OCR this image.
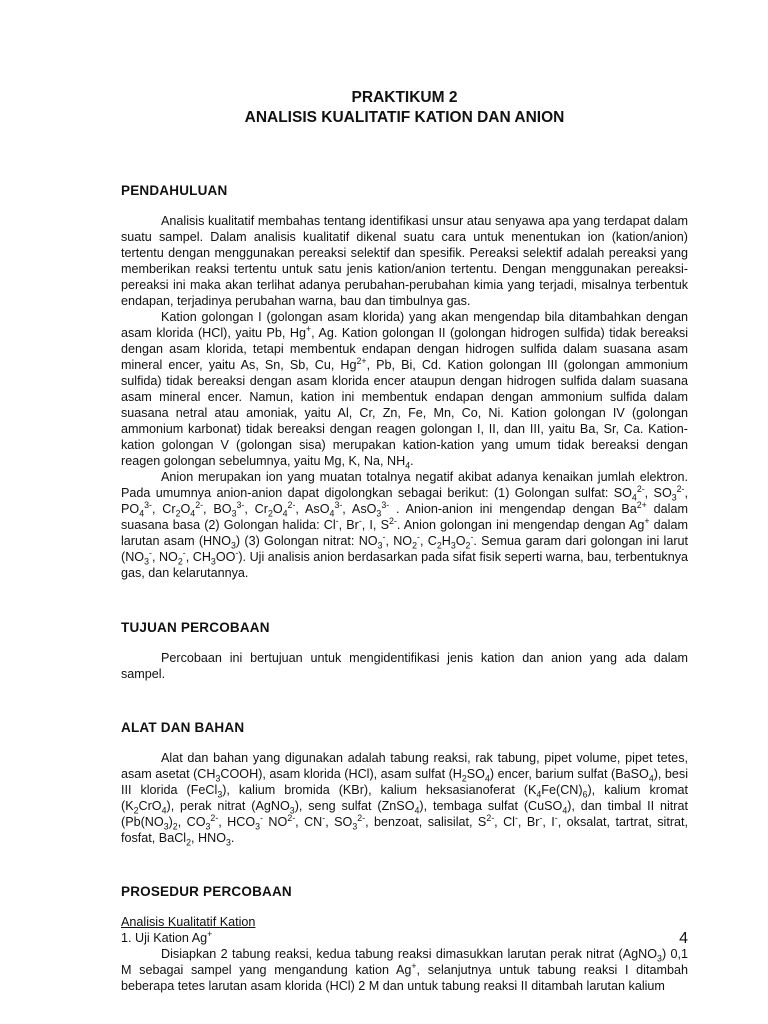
PRAKTIKUM 2

ANALISIS KUALITATIF KATION DAN ANION

PENDAHULUAN

Analisis kualitatif membahas tentang identifikasi unsur atau senyawa apa yang terdapat dalam suatu sampel. Dalam analisis kualitatif dikenal suatu cara untuk menentukan ion (kation/anion) tertentu dengan menggunakan pereaksi selektif dan spesifik. Pereaksi selektif adalah pereaksi yang memberikan reaksi tertentu untuk satu jenis kation/anion tertentu. Dengan menggunakan pereaksi-pereaksi ini maka akan terlihat adanya perubahan-perubahan kimia yang terjadi, misalnya terbentuk endapan, terjadinya perubahan warna, bau dan timbulnya gas.

Kation golongan I (golongan asam klorida) yang akan mengendap bila ditambahkan dengan asam klorida (HCl), yaitu Pb, Hg+, Ag. Kation golongan II (golongan hidrogen sulfida) tidak bereaksi dengan asam klorida, tetapi membentuk endapan dengan hidrogen sulfida dalam suasana asam mineral encer, yaitu As, Sn, Sb, Cu, $Hg^{2+}$, Pb, Bi, Cd. Kation golongan III (golongan ammonium sulfida) tidak bereaksi dengan asam klorida encer ataupun dengan hidrogen sulfida dalam suasana asam mineral encer. Namun, kation ini membentuk endapan dengan ammonium sulfida dalam suasana netral atau amoniak, yaitu Al, Cr, Zn, Fe, Mn, Co, Ni. Kation golongan IV (golongan ammonium karbonat) tidak bereaksi dengan reagen golongan I, II, dan III, yaitu Ba, Sr, Ca. Kation-kation golongan V (golongan sisa) merupakan kation-kation yang umum tidak bereaksi dengan reagen golongan sebelumnya, yaitu Mg, K, Na, $NH_4$.

Anion merupakan ion yang muatan totalnya negatif akibat adanya kenaikan jumlah elektron. Pada umumnya anion-anion dapat digolongkan sebagai berikut: (1) Golongan sulfat: $SO_4^{2-}$, $SO_3^{2-}$, $PO_4^{3-}$, $Cr_2O_4^{2-}$, $BO_3^{3-}$, $Cr_2O_4^{2-}$, AsO$_4^{3-}$, AsO$_3^{3-}$ . Anion-anion ini mengendap dengan $Ba^{2+}$ dalam suasana basa (2) Golongan halida: Cl-, Br-, I, $S^{2-}$. Anion golongan ini mengendap dengan Ag+ dalam larutan asam $(HNO_3)$ (3) Golongan nitrat: $NO_3^-$, $NO_2^-$, $C_2H_3O_2^-$. Semua garam dari golongan ini larut ($NO_3^-$, $NO_2^-$, $CH_3OO^-$). Uji analisis anion berdasarkan pada sifat fisik seperti warna, bau, terbentuknya gas, dan kelarutannya.

TUJUAN PERCOBAAN

Percobaan ini bertujuan untuk mengidentifikasi jenis kation dan anion yang ada dalam sampel.

ALAT DAN BAHAN

Alat dan bahan yang digunakan adalah tabung reaksi, rak tabung, pipet volume, pipet tetes, asam asetat $(CH_3COOH)$, asam klorida (HCl), asam sulfat $(H_2SO_4)$ encer, barium sulfat (BaSO$_4$), besi III klorida (FeCl$_3$), kalium bromida (KBr), kalium heksasianoferat $(K_4Fe(CN)_6)$, kalium kromat $(K_2CrO_4)$, perak nitrat (AgNO$_3$), seng sulfat (ZnSO$_4$), tembaga sulfat (CuSO$_4$), dan timbal II nitrat ($Pb(NO_3)_2$, $CO_3^{2-}$, $HCO_3^-$ $NO^{2-}$, CN-, $SO_3^{2-}$, benzoat, salisilat, $S^{2-}$, Cl-, Br-, I-, oksalat, tartrat, sitrat, fosfat, BaCl$_2$, $HNO_3$.

PROSEDUR PERCOBAAN

Analisis Kualitatif Kation

1. Uji Kation Ag+

Disiapkan 2 tabung reaksi, kedua tabung reaksi dimasukkan larutan perak nitrat (AgNO$_3$) 0,1 M sebagai sampel yang mengandung kation Ag+, selanjutnya untuk tabung reaksi I ditambah beberapa tetes larutan asam klorida (HCl) 2 M dan untuk tabung reaksi II ditambah larutan kalium

4
